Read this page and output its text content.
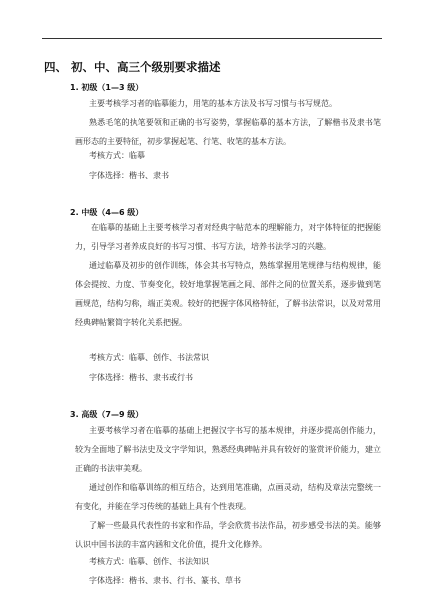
四、 初、中、高三个级别要求描述
1. 初级（1—3 级）
主要考核学习者的临摹能力，用笔的基本方法及书写习惯与书写规范。
熟悉毛笔的执笔要领和正确的书写姿势，掌握临摹的基本方法，了解楷书及隶书笔画形态的主要特征，初步掌握起笔、行笔、收笔的基本方法。
考核方式：临摹
字体选择：楷书、隶书
2. 中级（4—6 级）
在临摹的基础上主要考核学习者对经典字帖范本的理解能力，对字体特征的把握能力，引导学习者养成良好的书写习惯、书写方法，培养书法学习的兴趣。
通过临摹及初步的创作训练，体会其书写特点，熟练掌握用笔规律与结构规律，能体会提按、力度、节奏变化，较好地掌握笔画之间、部件之间的位置关系，逐步做到笔画规范，结构匀称，端正美观。较好的把握字体风格特征，了解书法常识，以及对常用经典碑帖繁简字转化关系把握。
考核方式：临摹、创作、书法常识
字体选择：楷书、隶书或行书
3. 高级（7—9 级）
主要考核学习者在临摹的基础上把握汉字书写的基本规律，并逐步提高创作能力，较为全面地了解书法史及文字学知识，熟悉经典碑帖并具有较好的鉴赏评价能力，建立正确的书法审美观。
通过创作和临摹训练的相互结合，达到用笔准确，点画灵动，结构及章法完整统一有变化，并能在学习传统的基础上具有个性表现。
了解一些最具代表性的书家和作品，学会欣赏书法作品，初步感受书法的美。能够认识中国书法的丰富内涵和文化价值，提升文化修养。
考核方式：临摹、创作、书法知识
字体选择：楷书、隶书、行书、篆书、草书
